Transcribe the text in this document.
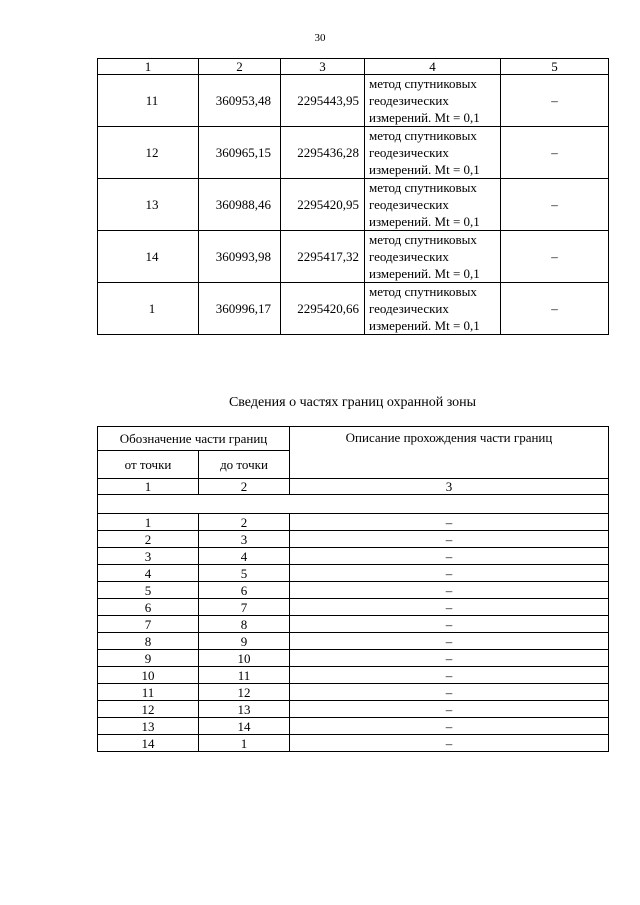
30
1	2	3	4	5
11	360953,48	2295443,95	метод спутниковых
геодезических
измерений. Mt = 0,1	–
12	360965,15	2295436,28	метод спутниковых
геодезических
измерений. Mt = 0,1	–
13	360988,46	2295420,95	метод спутниковых
геодезических
измерений. Mt = 0,1	–
14	360993,98	2295417,32	метод спутниковых
геодезических
измерений. Mt = 0,1	–
1	360996,17	2295420,66	метод спутниковых
геодезических
измерений. Mt = 0,1	–
Сведения о частях границ охранной зоны
Обозначение части границ		Описание прохождения части границ
от точки	до точки	
1	2	3

1	2	–
2	3	–
3	4	–
4	5	–
5	6	–
6	7	–
7	8	–
8	9	–
9	10	–
10	11	–
11	12	–
12	13	–
13	14	–
14	1	–
